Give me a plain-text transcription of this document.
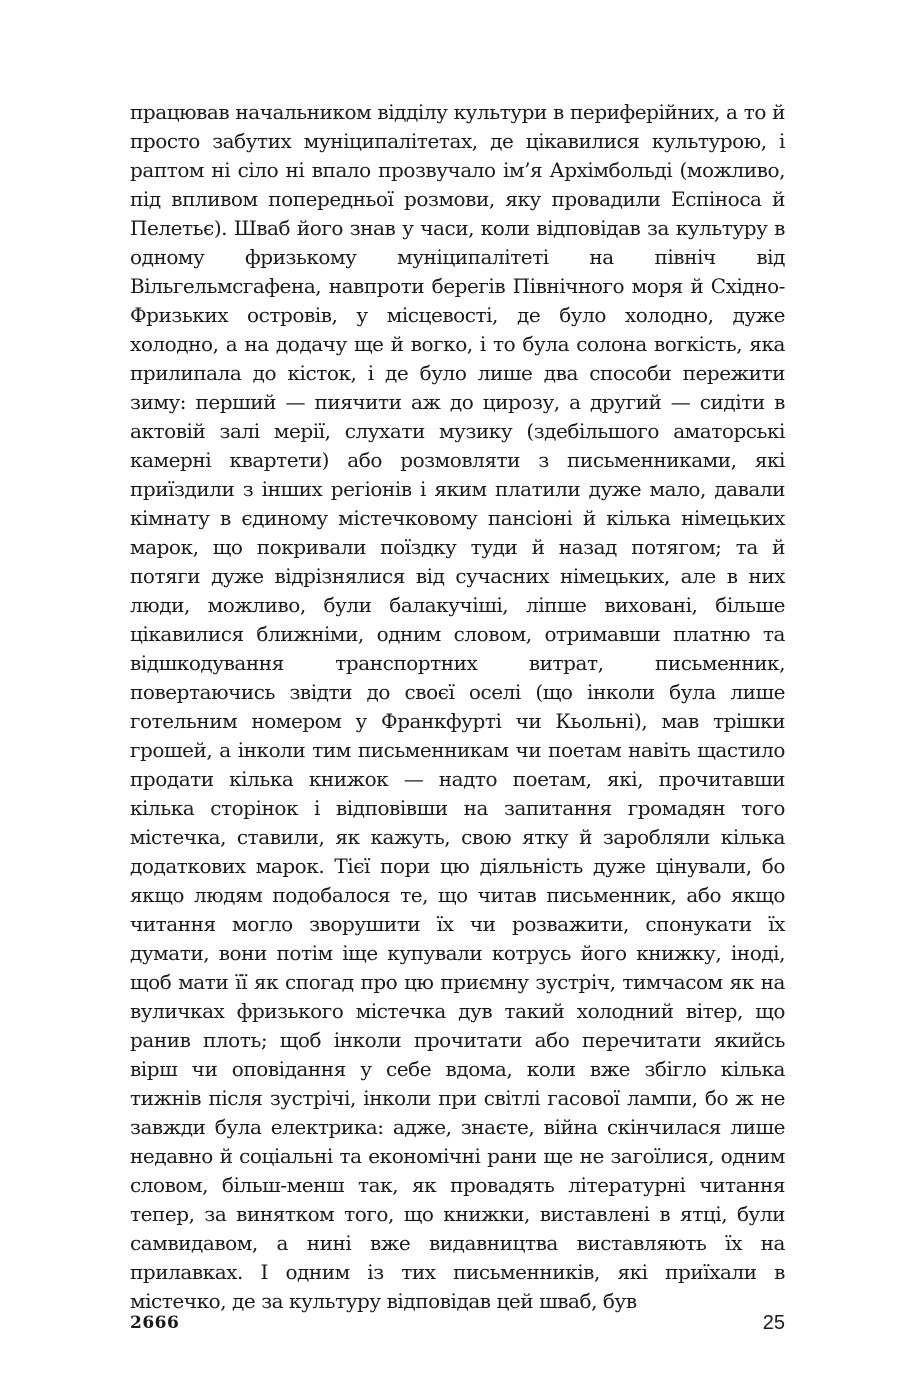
працював начальником відділу культури в периферійних, а то й просто забутих муніципалітетах, де цікавилися культурою, і раптом ні сіло ні впало прозвучало ім’я Архімбольді (можливо, під впливом попередньої розмови, яку провадили Еспіноса й Пелетьє). Шваб його знав у часи, коли відповідав за культуру в одному фризькому муніципалітеті на північ від Вільгельмсгафена, навпроти берегів Північного моря й Східно-Фризьких островів, у місцевості, де було холодно, дуже холодно, а на додачу ще й вогко, і то була солона вогкість, яка прилипала до кісток, і де було лише два способи пережити зиму: перший — пиячити аж до цирозу, а другий — сидіти в актовій залі мерії, слухати музику (здебільшого аматорські камерні квартети) або розмовляти з письменниками, які приїздили з інших регіонів і яким платили дуже мало, давали кімнату в єдиному містечковому пансіоні й кілька німецьких марок, що покривали поїздку туди й назад потягом; та й потяги дуже відрізнялися від сучасних німецьких, але в них люди, можливо, були балакучіші, ліпше виховані, більше цікавилися ближніми, одним словом, отримавши платню та відшкодування транспортних витрат, письменник, повертаючись звідти до своєї оселі (що інколи була лише готельним номером у Франкфурті чи Кьольні), мав трішки грошей, а інколи тим письменникам чи поетам навіть щастило продати кілька книжок — надто поетам, які, прочитавши кілька сторінок і відповівши на запитання громадян того містечка, ставили, як кажуть, свою ятку й заробляли кілька додаткових марок. Тієї пори цю діяльність дуже цінували, бо якщо людям подобалося те, що читав письменник, або якщо читання могло зворушити їх чи розважити, спонукати їх думати, вони потім іще купували котрусь його книжку, іноді, щоб мати її як спогад про цю приємну зустріч, тимчасом як на вуличках фризького містечка дув такий холодний вітер, що ранив плоть; щоб інколи прочитати або перечитати якийсь вірш чи оповідання у себе вдома, коли вже збігло кілька тижнів після зустрічі, інколи при світлі гасової лампи, бо ж не завжди була електрика: адже, знаєте, війна скінчилася лише недавно й соціальні та економічні рани ще не загоїлися, одним словом, більш-менш так, як провадять літературні читання тепер, за винятком того, що книжки, виставлені в ятці, були самвидавом, а нині вже видавництва виставляють їх на прилавках. І одним із тих письменників, які приїхали в містечко, де за культуру відповідав цей шваб, був

2666	25
